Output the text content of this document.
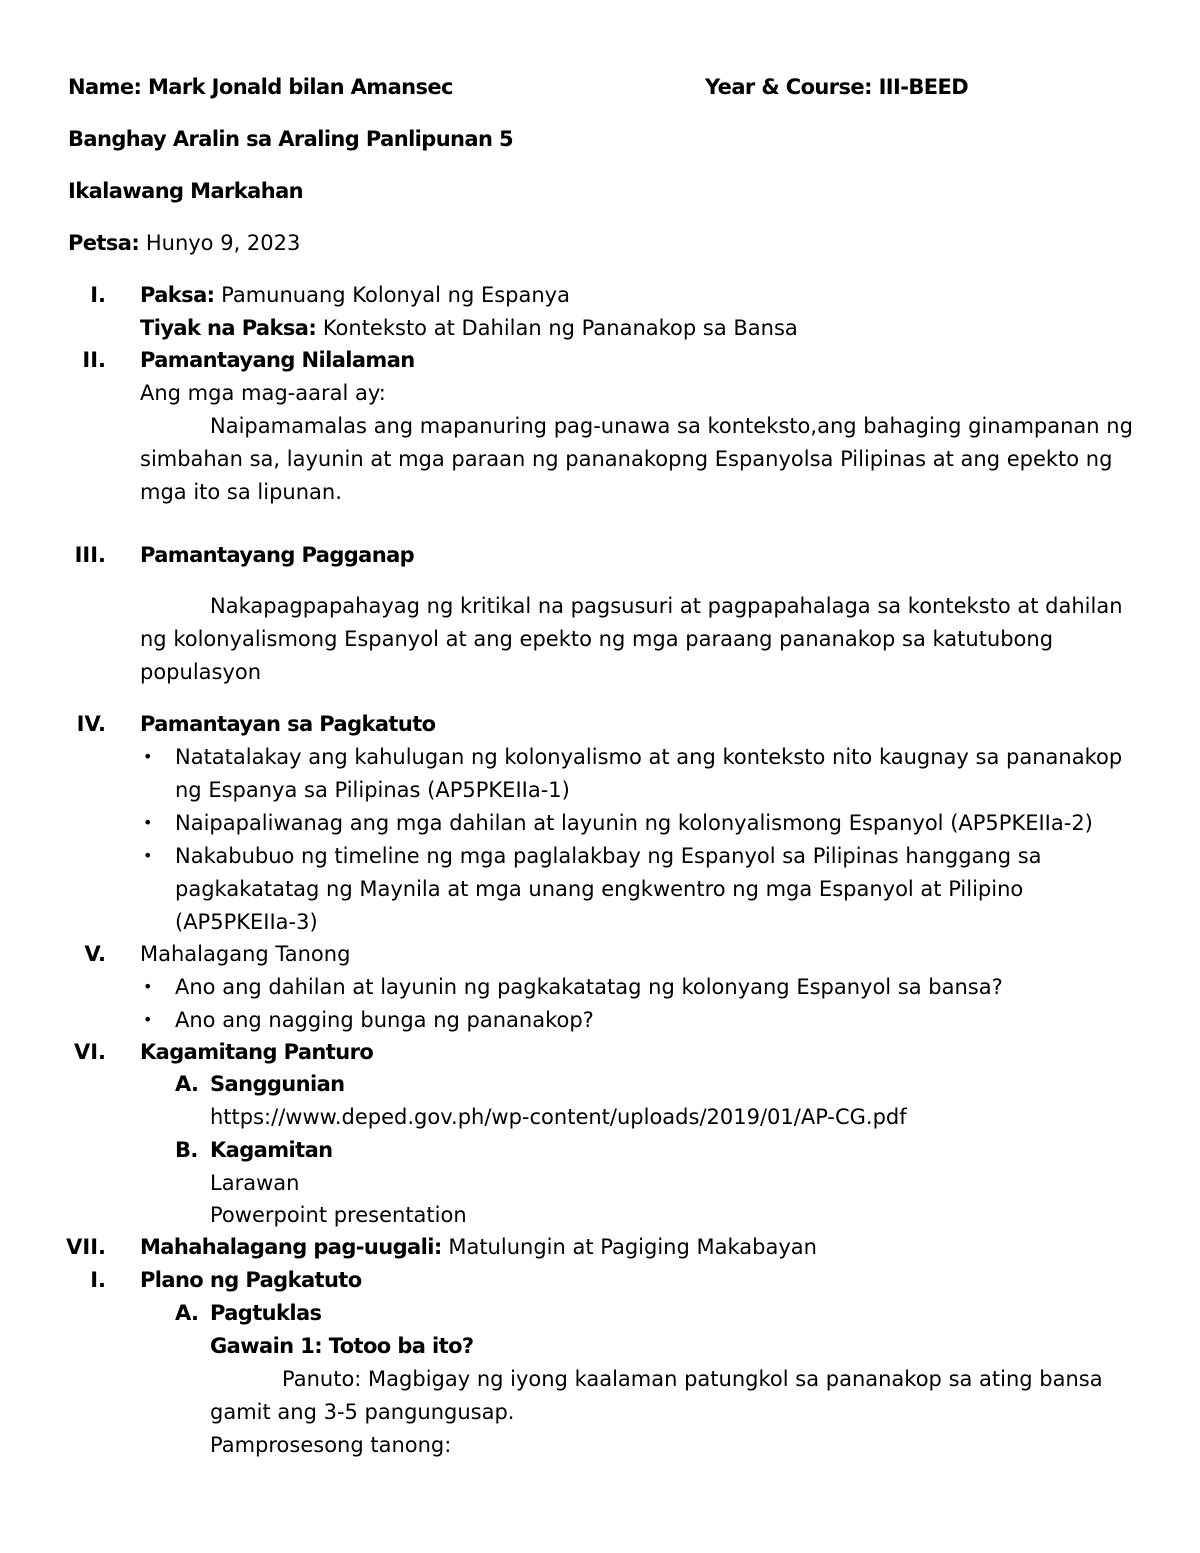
Name: Mark Jonald bilan Amansec	Year & Course: III-BEED
Banghay Aralin sa Araling Panlipunan 5
Ikalawang Markahan
Petsa: Hunyo 9, 2023
I. Paksa: Pamunuang Kolonyal ng Espanya
Tiyak na Paksa: Konteksto at Dahilan ng Pananakop sa Bansa
II. Pamantayang Nilalaman
Ang mga mag-aaral ay:
Naipamamalas ang mapanuring pag-unawa sa konteksto,ang bahaging ginampanan ng
simbahan sa, layunin at mga paraan ng pananakopng Espanyolsa Pilipinas at ang epekto ng
mga ito sa lipunan.
III. Pamantayang Pagganap
Nakapagpapahayag ng kritikal na pagsusuri at pagpapahalaga sa konteksto at dahilan
ng kolonyalismong Espanyol at ang epekto ng mga paraang pananakop sa katutubong
populasyon
IV. Pamantayan sa Pagkatuto
• Natatalakay ang kahulugan ng kolonyalismo at ang konteksto nito kaugnay sa pananakop
ng Espanya sa Pilipinas (AP5PKEIIa-1)
• Naipapaliwanag ang mga dahilan at layunin ng kolonyalismong Espanyol (AP5PKEIIa-2)
• Nakabubuo ng timeline ng mga paglalakbay ng Espanyol sa Pilipinas hanggang sa
pagkakatatag ng Maynila at mga unang engkwentro ng mga Espanyol at Pilipino
(AP5PKEIIa-3)
V. Mahalagang Tanong
• Ano ang dahilan at layunin ng pagkakatatag ng kolonyang Espanyol sa bansa?
• Ano ang nagging bunga ng pananakop?
VI. Kagamitang Panturo
A. Sanggunian
https://www.deped.gov.ph/wp-content/uploads/2019/01/AP-CG.pdf
B. Kagamitan
Larawan
Powerpoint presentation
VII. Mahahalagang pag-uugali: Matulungin at Pagiging Makabayan
I. Plano ng Pagkatuto
A. Pagtuklas
Gawain 1: Totoo ba ito?
Panuto: Magbigay ng iyong kaalaman patungkol sa pananakop sa ating bansa
gamit ang 3-5 pangungusap.
Pamprosesong tanong:
